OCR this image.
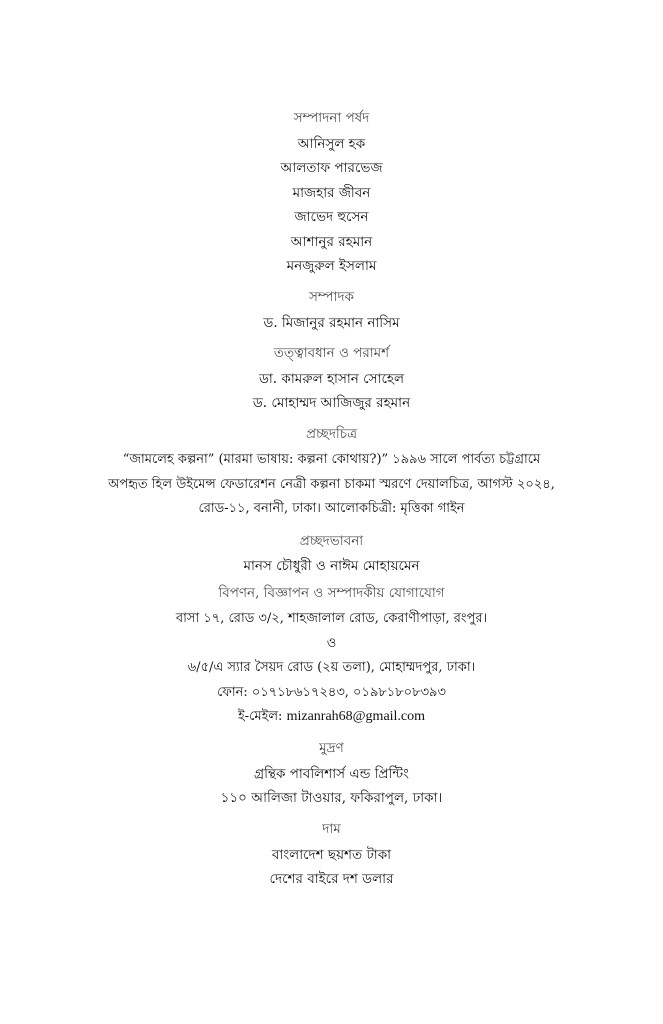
সম্পাদনা পর্ষদ
আনিসুল হক
আলতাফ পারভেজ
মাজহার জীবন
জাভেদ হুসেন
আশানুর রহমান
মনজুরুল ইসলাম
সম্পাদক
ড. মিজানুর রহমান নাসিম
তত্ত্বাবধান ও পরামর্শ
ডা. কামরুল হাসান সোহেল
ড. মোহাম্মদ আজিজুর রহমান
প্রচ্ছদচিত্র
“জামলেহ কল্পনা” (মারমা ভাষায়: কল্পনা কোথায়?)” ১৯৯৬ সালে পার্বত্য চট্টগ্রামে
অপহৃত হিল উইমেন্স ফেডারেশন নেত্রী কল্পনা চাকমা স্মরণে দেয়ালচিত্র, আগস্ট ২০২৪,
রোড-১১, বনানী, ঢাকা। আলোকচিত্রী: মৃত্তিকা গাইন
প্রচ্ছদভাবনা
মানস চৌধুরী ও নাঈম মোহায়মেন
বিপণন, বিজ্ঞাপন ও সম্পাদকীয় যোগাযোগ
বাসা ১৭, রোড ৩/২, শাহজালাল রোড, কেরাণীপাড়া, রংপুর।
ও
৬/৫/এ স্যার সৈয়দ রোড (২য় তলা), মোহাম্মদপুর, ঢাকা।
ফোন: ০১৭১৮৬১৭২৪৩, ০১৯৮১৮০৮৩৯৩
ই-মেইল: mizanrah68@gmail.com
মুদ্রণ
গ্রন্থিক পাবলিশার্স এন্ড প্রিন্টিং
১১০ আলিজা টাওয়ার, ফকিরাপুল, ঢাকা।
দাম
বাংলাদেশ ছয়শত টাকা
দেশের বাইরে দশ ডলার
